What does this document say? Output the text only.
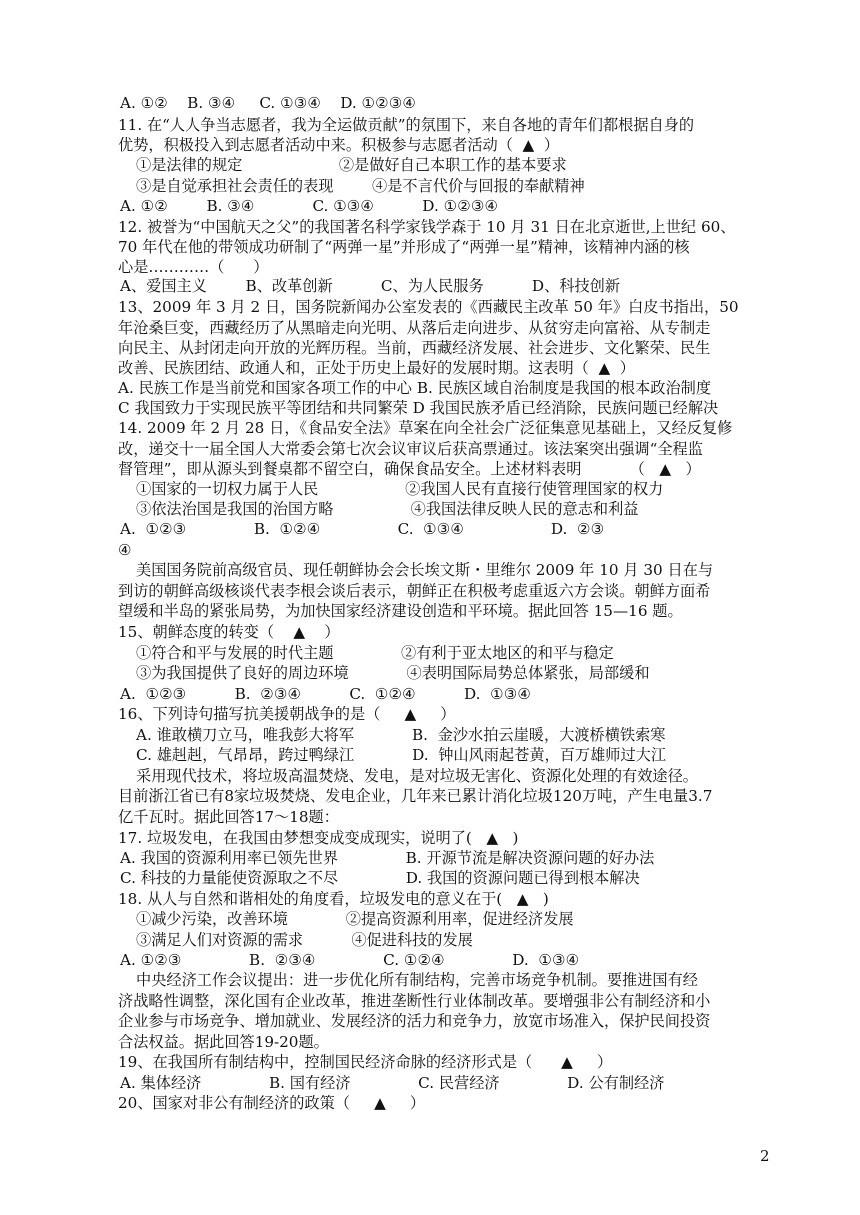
A. ①②    B. ③④     C. ①③④    D. ①②③④
11. 在“人人争当志愿者，我为全运做贡献”的氛围下，来自各地的青年们都根据自身的
优势，积极投入到志愿者活动中来。积极参与志愿者活动（  ▲  ）
①是法律的规定                    ②是做好自己本职工作的基本要求
③是自觉承担社会责任的表现        ④是不言代价与回报的奉献精神
A. ①②        B. ③④            C. ①③④          D. ①②③④
12. 被誉为“中国航天之父”的我国著名科学家钱学森于 10 月 31 日在北京逝世,上世纪 60、
70 年代在他的带领成功研制了“两弹一星”并形成了“两弹一星”精神，该精神内涵的核
心是…………（      ）
A、爱国主义        B、改革创新          C、为人民服务          D、科技创新
13、2009 年 3 月 2 日，国务院新闻办公室发表的《西藏民主改革 50 年》白皮书指出，50
年沧桑巨变，西藏经历了从黑暗走向光明、从落后走向进步、从贫穷走向富裕、从专制走
向民主、从封闭走向开放的光辉历程。当前，西藏经济发展、社会进步、文化繁荣、民生
改善、民族团结、政通人和，正处于历史上最好的发展时期。这表明（  ▲  ）
A. 民族工作是当前党和国家各项工作的中心 B. 民族区域自治制度是我国的根本政治制度
C 我国致力于实现民族平等团结和共同繁荣 D 我国民族矛盾已经消除，民族问题已经解决
14. 2009 年 2 月 28 日，《食品安全法》草案在向全社会广泛征集意见基础上，又经反复修
改，递交十一届全国人大常委会第七次会议审议后获高票通过。该法案突出强调“全程监
督管理”，即从源头到餐桌都不留空白，确保食品安全。上述材料表明          （   ▲   ）
①国家的一切权力属于人民                  ②我国人民有直接行使管理国家的权力
③依法治国是我国的治国方略                ④我国法律反映人民的意志和利益
A.  ①②③              B.  ①②④                C.  ①③④                  D.  ②③
④
美国国务院前高级官员、现任朝鲜协会会长埃文斯・里维尔 2009 年 10 月 30 日在与
到访的朝鲜高级核谈代表李根会谈后表示，朝鲜正在积极考虑重返六方会谈。朝鲜方面希
望缓和半岛的紧张局势，为加快国家经济建设创造和平环境。据此回答 15—16 题。
15、朝鲜态度的转变（    ▲    ）
①符合和平与发展的时代主题              ②有利于亚太地区的和平与稳定
③为我国提供了良好的周边环境            ④表明国际局势总体紧张，局部缓和
A.  ①②③          B.  ②③④          C.  ①②④          D.  ①③④
16、下列诗句描写抗美援朝战争的是（     ▲     ）
A. 谁敢横刀立马，唯我彭大将军            B.  金沙水拍云崖暖，大渡桥横铁索寒
C. 雄赳赳，气昂昂，跨过鸭绿江            D.  钟山风雨起苍黄，百万雄师过大江
采用现代技术，将垃圾高温焚烧、发电，是对垃圾无害化、资源化处理的有效途径。
目前浙江省已有8家垃圾焚烧、发电企业，几年来已累计消化垃圾120万吨，产生电量3.7
亿千瓦时。据此回答17～18题：
17. 垃圾发电，在我国由梦想变成变成现实，说明了(   ▲   )
A. 我国的资源利用率已领先世界              B. 开源节流是解决资源问题的好办法
C. 科技的力量能使资源取之不尽              D. 我国的资源问题已得到根本解决
18. 从人与自然和谐相处的角度看，垃圾发电的意义在于(   ▲   )
①减少污染，改善环境            ②提高资源利用率，促进经济发展
③满足人们对资源的需求          ④促进科技的发展
A. ①②③              B.  ②③④              C. ①②④              D.  ①③④
中央经济工作会议提出：进一步优化所有制结构，完善市场竞争机制。要推进国有经
济战略性调整，深化国有企业改革，推进垄断性行业体制改革。要增强非公有制经济和小
企业参与市场竞争、增加就业、发展经济的活力和竞争力，放宽市场准入，保护民间投资
合法权益。据此回答19-20题。
19、在我国所有制结构中，控制国民经济命脉的经济形式是（      ▲     ）
A. 集体经济              B. 国有经济              C. 民营经济              D. 公有制经济
20、国家对非公有制经济的政策（     ▲     ）
2
